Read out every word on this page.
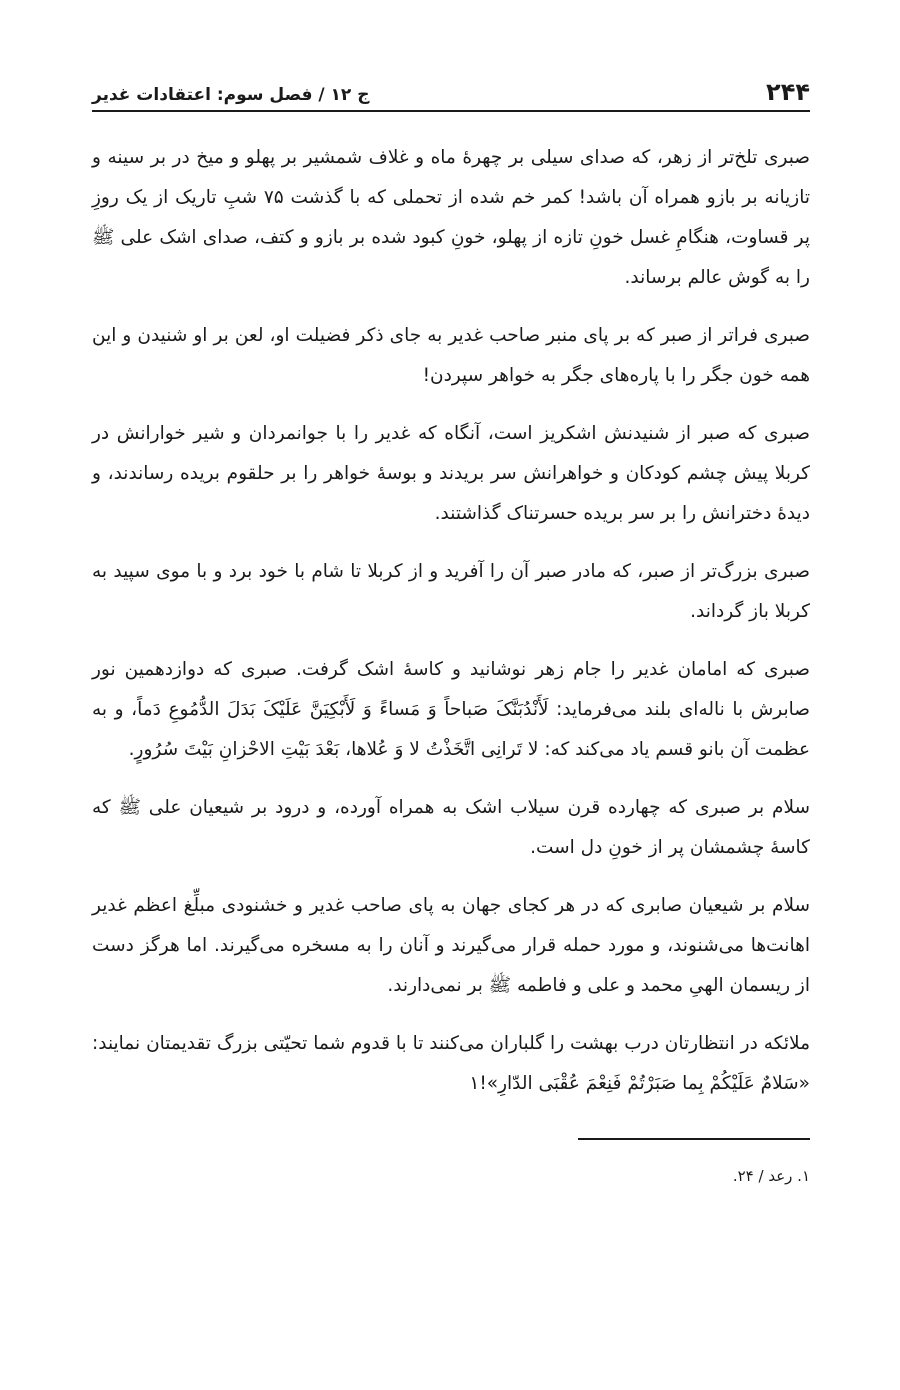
۲۴۴
ج ۱۲ / فصل سوم: اعتقادات غدیر

صبری تلخ‌تر از زهر، که صدای سیلی بر چهرهٔ ماه و غلاف شمشیر بر پهلو و میخ در بر سینه و تازیانه بر بازو همراه آن باشد! کمر خم شده از تحملی که با گذشت ۷۵ شبِ تاریک از یک روزِ پر قساوت، هنگامِ غسل خونِ تازه از پهلو، خونِ کبود شده بر بازو و کتف، صدای اشک علی ﷺ را به گوش عالم برساند.

صبری فراتر از صبر که بر پای منبر صاحب غدیر به جای ذکر فضیلت او، لعن بر او شنیدن و این همه خون جگر را با پاره‌های جگر به خواهر سپردن!

صبری که صبر از شنیدنش اشکریز است، آنگاه که غدیر را با جوانمردان و شیر خوارانش در کربلا پیش چشم کودکان و خواهرانش سر بریدند و بوسهٔ خواهر را بر حلقوم بریده رساندند، و دیدهٔ دخترانش را بر سر بریده حسرتناک گذاشتند.

صبری بزرگ‌تر از صبر، که مادر صبر آن را آفرید و از کربلا تا شام با خود برد و با موی سپید به کربلا باز گرداند.

صبری که امامان غدیر را جام زهر نوشانید و کاسهٔ اشک گرفت. صبری که دوازدهمین نور صابرش با ناله‌ای بلند می‌فرماید: لَأَنْدُبَنَّکَ صَباحاً وَ مَساءً وَ لَأَبْکِیَنَّ عَلَیْکَ بَدَلَ الدُّمُوعِ دَماً، و به عظمت آن بانو قسم یاد می‌کند که: لا تَرانِی اتَّخَذْتُ لا وَ عُلاها، بَعْدَ بَیْتِ الاحْزانِ بَیْتَ سُرُورٍ.

سلام بر صبری که چهارده قرن سیلاب اشک به همراه آورده، و درود بر شیعیان علی ﷺ که کاسهٔ چشمشان پر از خونِ دل است.

سلام بر شیعیان صابری که در هر کجای جهان به پای صاحب غدیر و خشنودی مبلِّغ اعظم غدیر اهانت‌ها می‌شنوند، و مورد حمله قرار می‌گیرند و آنان را به مسخره می‌گیرند. اما هرگز دست از ریسمان الهیِ محمد و علی و فاطمه ﷺ بر نمی‌دارند.

ملائکه در انتظارتان درب بهشت را گلباران می‌کنند تا با قدوم شما تحیّتی بزرگ تقدیمتان نمایند: «سَلامٌ عَلَیْکُمْ بِما صَبَرْتُمْ فَنِعْمَ عُقْبَی الدّارِ»!۱

۱. رعد / ۲۴.
